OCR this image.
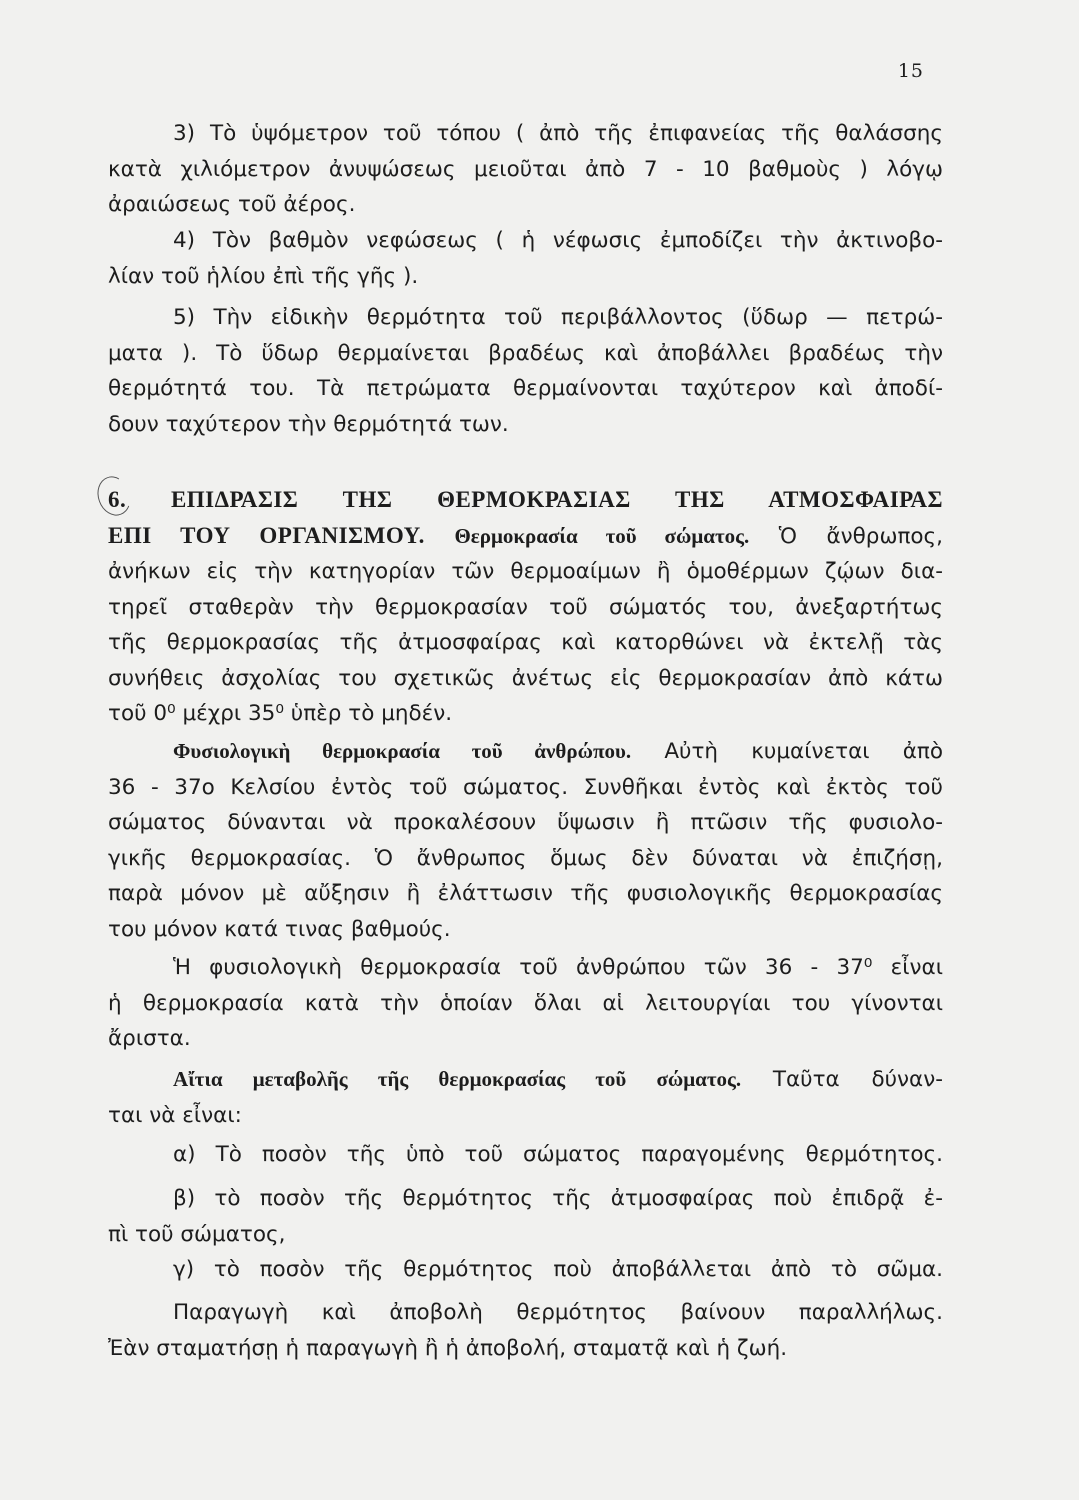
15
3) Τὸ ὑψόμετρον τοῦ τόπου ( ἀπὸ τῆς ἐπιφανείας τῆς θαλάσσης
κατὰ χιλιόμετρον ἀνυψώσεως μειοῦται ἀπὸ 7 - 10 βαθμοὺς ) λόγῳ
ἀραιώσεως τοῦ ἀέρος.
4) Τὸν βαθμὸν νεφώσεως ( ἡ νέφωσις ἐμποδίζει τὴν ἀκτινοβο-
λίαν τοῦ ἡλίου ἐπὶ τῆς γῆς ).
5) Τὴν εἰδικὴν θερμότητα τοῦ περιβάλλοντος (ὕδωρ — πετρώ-
ματα ). Τὸ ὕδωρ θερμαίνεται βραδέως καὶ ἀποβάλλει βραδέως τὴν
θερμότητά του. Τὰ πετρώματα θερμαίνονται ταχύτερον καὶ ἀποδί-
δουν ταχύτερον τὴν θερμότητά των.
6. ΕΠΙΔΡΑΣΙΣ ΤΗΣ ΘΕΡΜΟΚΡΑΣΙΑΣ ΤΗΣ ΑΤΜΟΣΦΑΙΡΑΣ
ΕΠΙ ΤΟΥ ΟΡΓΑΝΙΣΜΟΥ. Θερμοκρασία τοῦ σώματος. Ὁ ἄνθρωπος,
ἀνήκων εἰς τὴν κατηγορίαν τῶν θερμοαίμων ἢ ὁμοθέρμων ζῴων δια-
τηρεῖ σταθερὰν τὴν θερμοκρασίαν τοῦ σώματός του, ἀνεξαρτήτως
τῆς θερμοκρασίας τῆς ἀτμοσφαίρας καὶ κατορθώνει νὰ ἐκτελῇ τὰς
συνήθεις ἀσχολίας του σχετικῶς ἀνέτως εἰς θερμοκρασίαν ἀπὸ κάτω
τοῦ 0⁰ μέχρι 35⁰ ὑπὲρ τὸ μηδέν.
Φυσιολογικὴ θερμοκρασία τοῦ ἀνθρώπου. Αὐτὴ κυμαίνεται ἀπὸ
36 - 37ο Κελσίου ἐντὸς τοῦ σώματος. Συνθῆκαι ἐντὸς καὶ ἐκτὸς τοῦ
σώματος δύνανται νὰ προκαλέσουν ὕψωσιν ἢ πτῶσιν τῆς φυσιολο-
γικῆς θερμοκρασίας. Ὁ ἄνθρωπος ὅμως δὲν δύναται νὰ ἐπιζήσῃ,
παρὰ μόνον μὲ αὔξησιν ἢ ἐλάττωσιν τῆς φυσιολογικῆς θερμοκρασίας
του μόνον κατά τινας βαθμούς.
Ἡ φυσιολογικὴ θερμοκρασία τοῦ ἀνθρώπου τῶν 36 - 37⁰ εἶναι
ἡ θερμοκρασία κατὰ τὴν ὁποίαν ὅλαι αἱ λειτουργίαι του γίνονται
ἄριστα.
Αἴτια μεταβολῆς τῆς θερμοκρασίας τοῦ σώματος. Ταῦτα δύναν-
ται νὰ εἶναι:
α) Τὸ ποσὸν τῆς ὑπὸ τοῦ σώματος παραγομένης θερμότητος.
β) τὸ ποσὸν τῆς θερμότητος τῆς ἀτμοσφαίρας ποὺ ἐπιδρᾷ ἐ-
πὶ τοῦ σώματος,
γ) τὸ ποσὸν τῆς θερμότητος ποὺ ἀποβάλλεται ἀπὸ τὸ σῶμα.
Παραγωγὴ καὶ ἀποβολὴ θερμότητος βαίνουν παραλλήλως.
Ἐὰν σταματήσῃ ἡ παραγωγὴ ἢ ἡ ἀποβολή, σταματᾷ καὶ ἡ ζωή.
